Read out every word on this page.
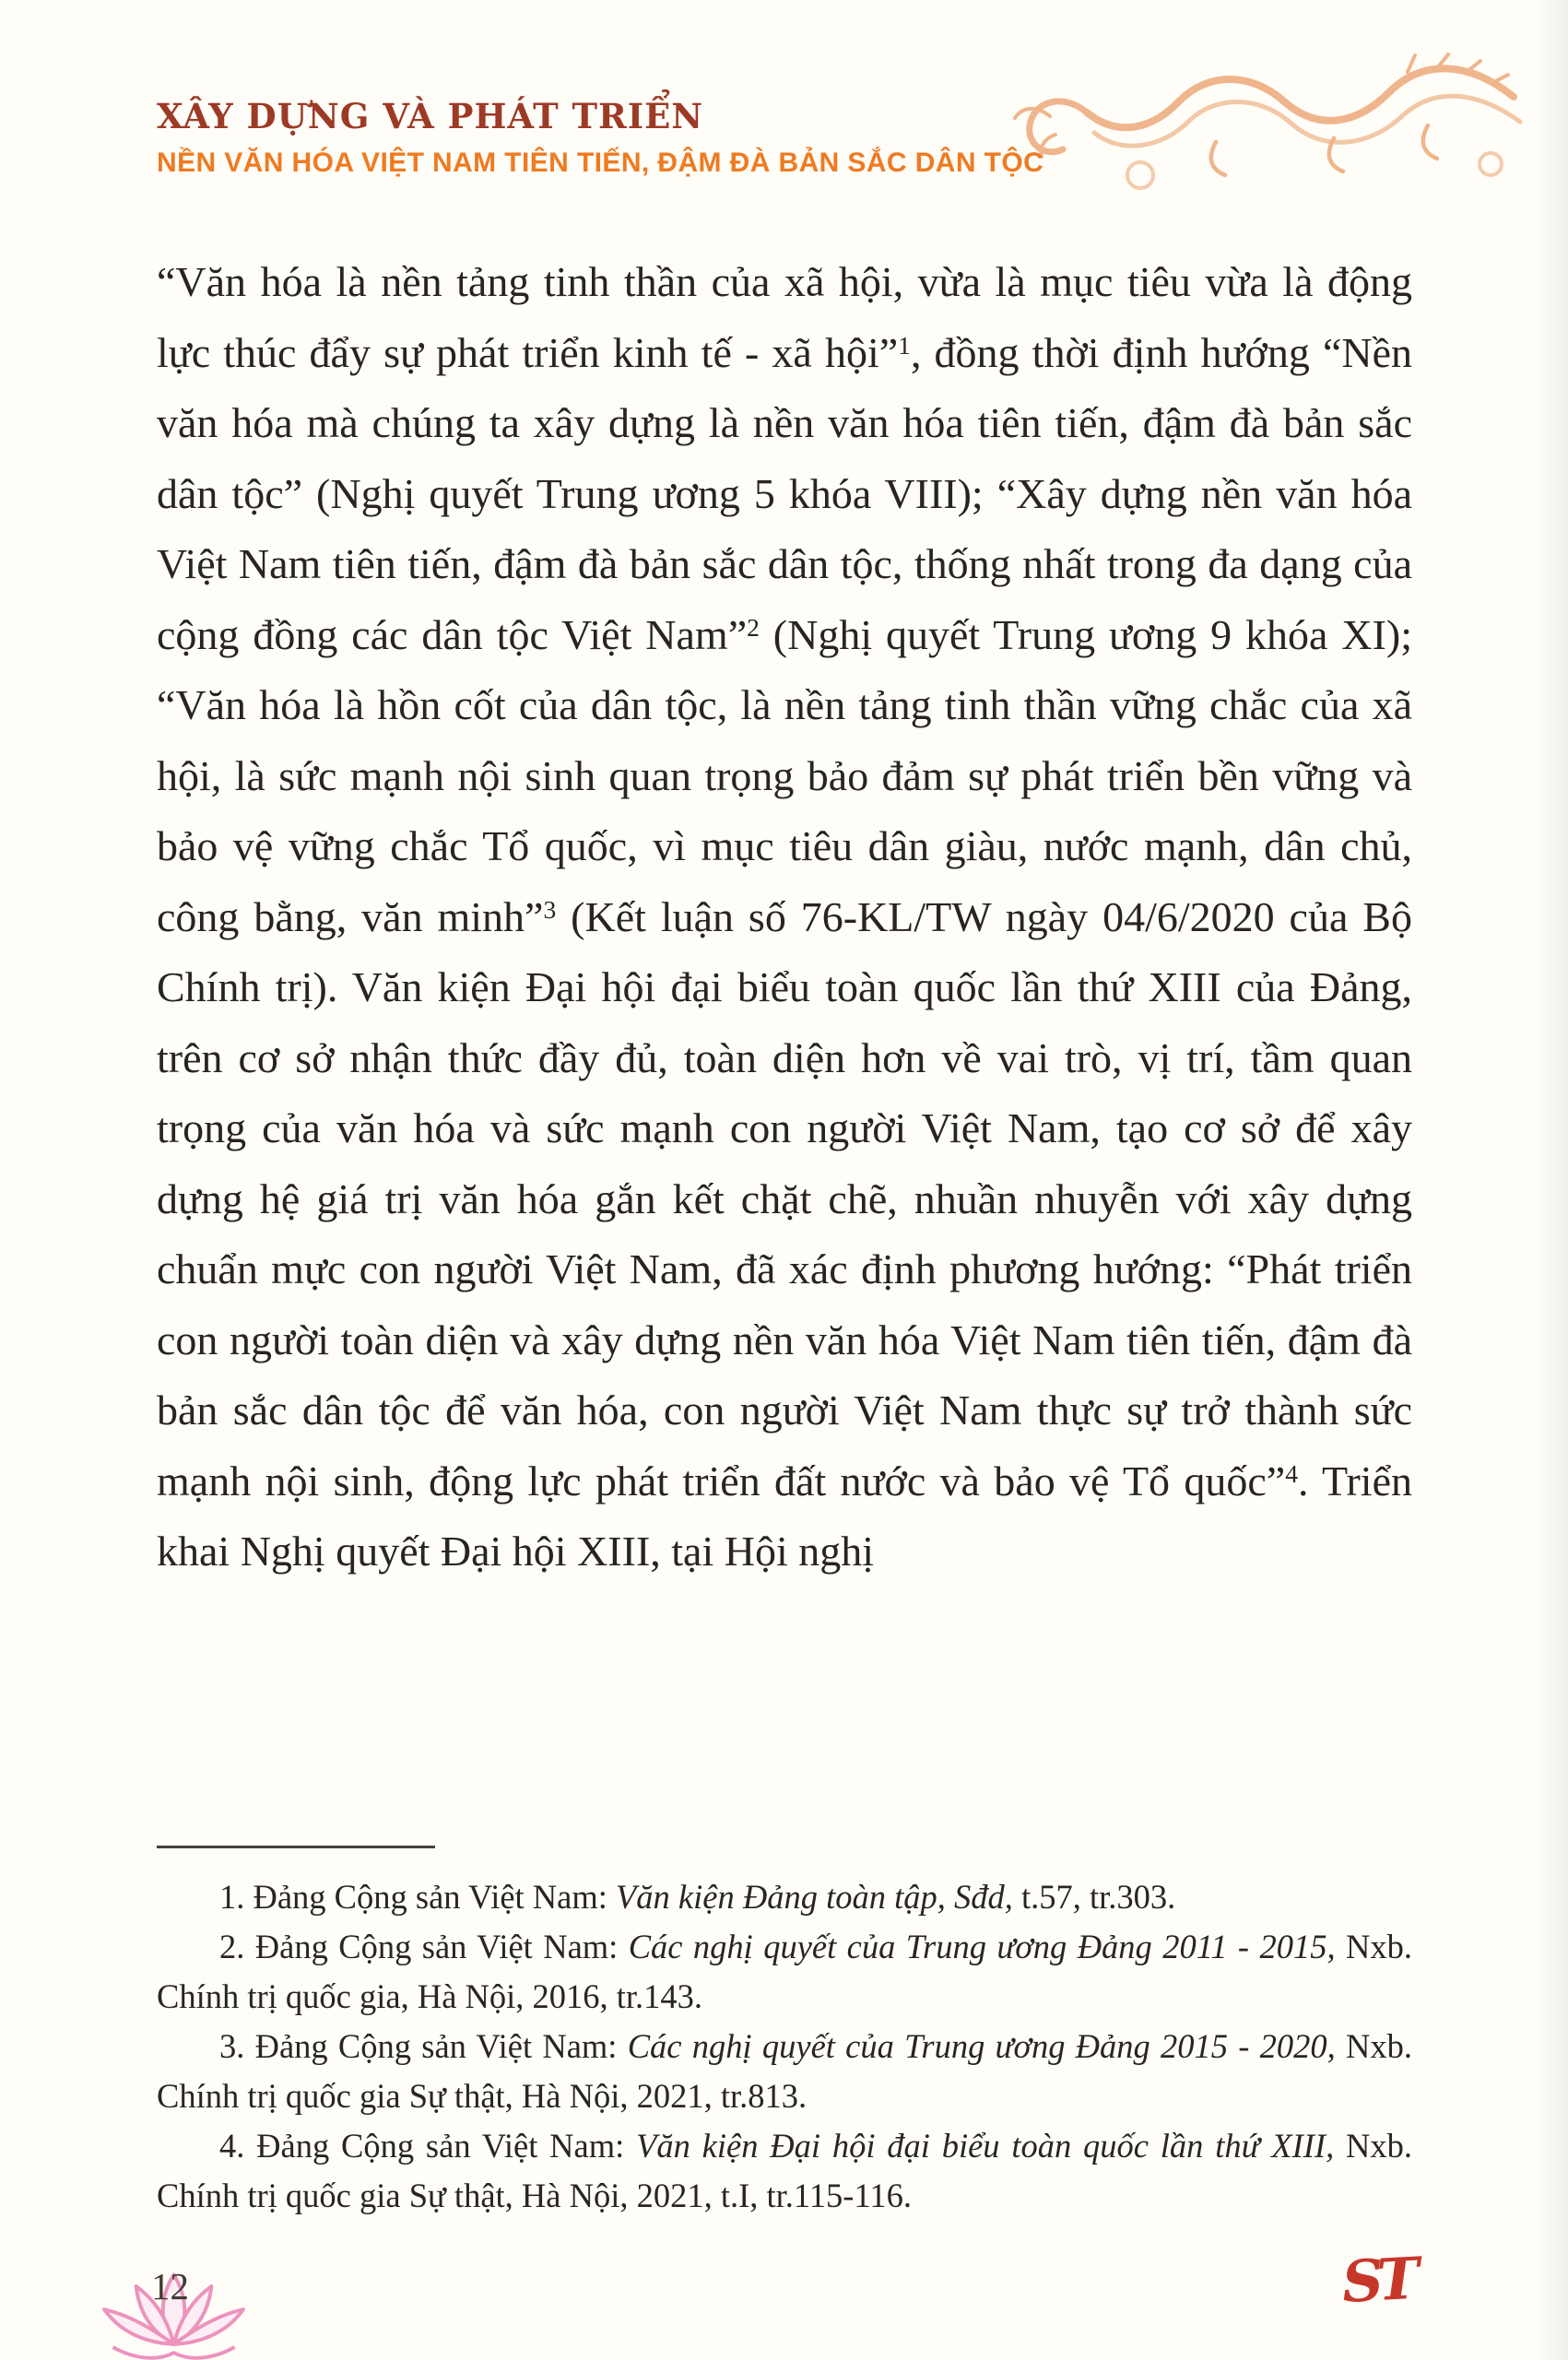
XÂY DỰNG VÀ PHÁT TRIỂN
NỀN VĂN HÓA VIỆT NAM TIÊN TIẾN, ĐẬM ĐÀ BẢN SẮC DÂN TỘC

“Văn hóa là nền tảng tinh thần của xã hội, vừa là mục tiêu vừa là động lực thúc đẩy sự phát triển kinh tế - xã hội”$^1$, đồng thời định hướng “Nền văn hóa mà chúng ta xây dựng là nền văn hóa tiên tiến, đậm đà bản sắc dân tộc” (Nghị quyết Trung ương 5 khóa VIII); “Xây dựng nền văn hóa Việt Nam tiên tiến, đậm đà bản sắc dân tộc, thống nhất trong đa dạng của cộng đồng các dân tộc Việt Nam”$^2$ (Nghị quyết Trung ương 9 khóa XI); “Văn hóa là hồn cốt của dân tộc, là nền tảng tinh thần vững chắc của xã hội, là sức mạnh nội sinh quan trọng bảo đảm sự phát triển bền vững và bảo vệ vững chắc Tổ quốc, vì mục tiêu dân giàu, nước mạnh, dân chủ, công bằng, văn minh”$^3$ (Kết luận số 76-KL/TW ngày 04/6/2020 của Bộ Chính trị). Văn kiện Đại hội đại biểu toàn quốc lần thứ XIII của Đảng, trên cơ sở nhận thức đầy đủ, toàn diện hơn về vai trò, vị trí, tầm quan trọng của văn hóa và sức mạnh con người Việt Nam, tạo cơ sở để xây dựng hệ giá trị văn hóa gắn kết chặt chẽ, nhuần nhuyễn với xây dựng chuẩn mực con người Việt Nam, đã xác định phương hướng: “Phát triển con người toàn diện và xây dựng nền văn hóa Việt Nam tiên tiến, đậm đà bản sắc dân tộc để văn hóa, con người Việt Nam thực sự trở thành sức mạnh nội sinh, động lực phát triển đất nước và bảo vệ Tổ quốc”$^4$. Triển khai Nghị quyết Đại hội XIII, tại Hội nghị

1. Đảng Cộng sản Việt Nam: Văn kiện Đảng toàn tập, Sđd, t.57, tr.303.

2. Đảng Cộng sản Việt Nam: Các nghị quyết của Trung ương Đảng 2011 - 2015, Nxb. Chính trị quốc gia, Hà Nội, 2016, tr.143.

3. Đảng Cộng sản Việt Nam: Các nghị quyết của Trung ương Đảng 2015 - 2020, Nxb. Chính trị quốc gia Sự thật, Hà Nội, 2021, tr.813.

4. Đảng Cộng sản Việt Nam: Văn kiện Đại hội đại biểu toàn quốc lần thứ XIII, Nxb. Chính trị quốc gia Sự thật, Hà Nội, 2021, t.I, tr.115-116.

12	ST
